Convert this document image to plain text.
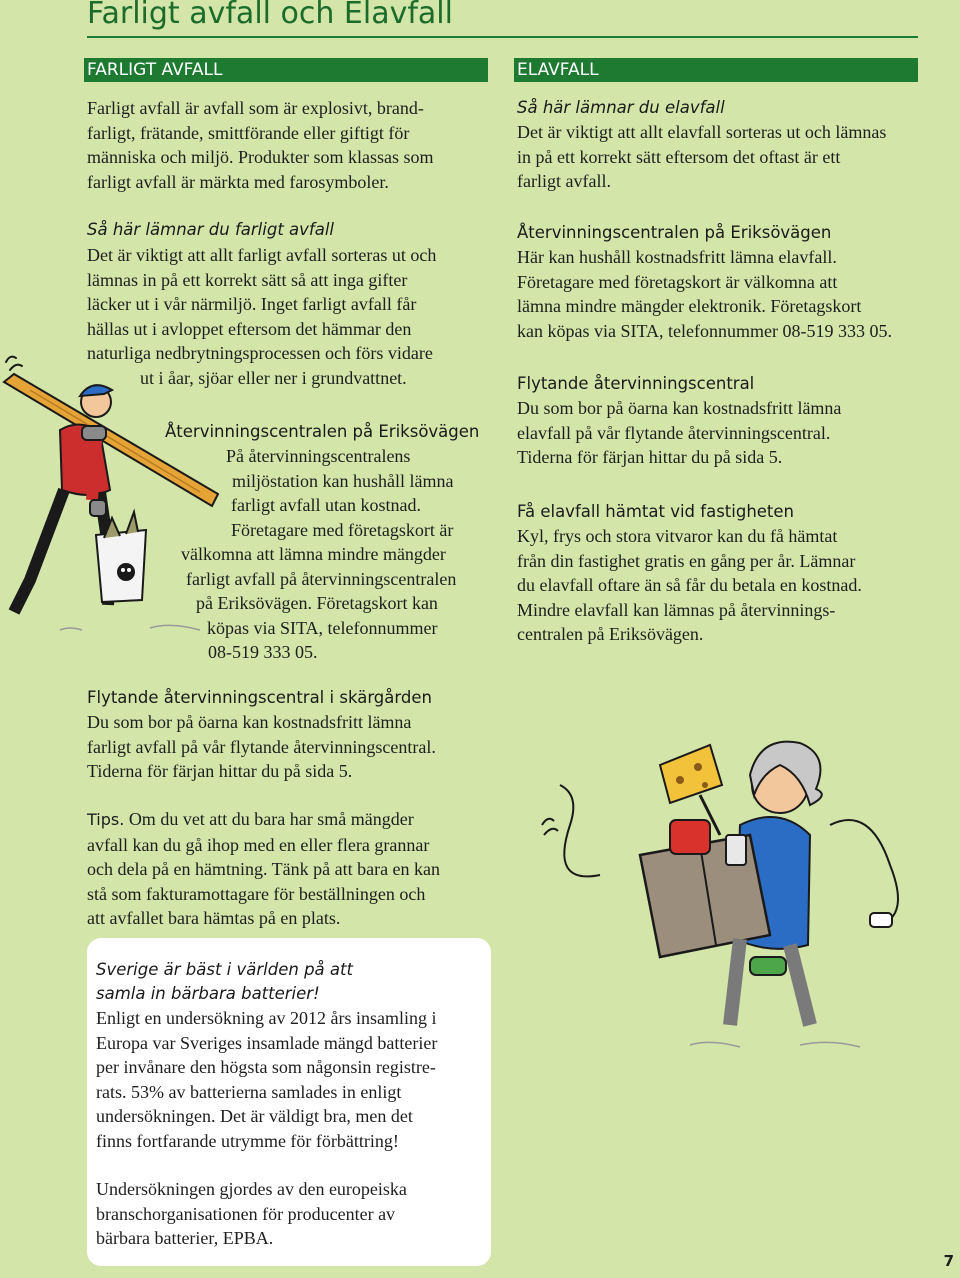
Farligt avfall och Elavfall
FARLIGT AVFALL
Farligt avfall är avfall som är explosivt, brand-
farligt, frätande, smittförande eller giftigt för
människa och miljö. Produkter som klassas som
farligt avfall är märkta med farosymboler.
Så här lämnar du farligt avfall
Det är viktigt att allt farligt avfall sorteras ut och
lämnas in på ett korrekt sätt så att inga gifter
läcker ut i vår närmiljö. Inget farligt avfall får
hällas ut i avloppet eftersom det hämmar den
naturliga nedbrytningsprocessen och förs vidare
ut i åar, sjöar eller ner i grundvattnet.
Återvinningscentralen på Eriksövägen
På återvinningscentralens
miljöstation kan hushåll lämna
farligt avfall utan kostnad.
Företagare med företagskort är
välkomna att lämna mindre mängder
farligt avfall på återvinningscentralen
på Eriksövägen. Företagskort kan
köpas via SITA, telefonnummer
08-519 333 05.
Flytande återvinningscentral i skärgården
Du som bor på öarna kan kostnadsfritt lämna
farligt avfall på vår flytande återvinningscentral.
Tiderna för färjan hittar du på sida 5.
Tips. Om du vet att du bara har små mängder
avfall kan du gå ihop med en eller flera grannar
och dela på en hämtning. Tänk på att bara en kan
stå som fakturamottagare för beställningen och
att avfallet bara hämtas på en plats.
Sverige är bäst i världen på att
samla in bärbara batterier!
Enligt en undersökning av 2012 års insamling i
Europa var Sveriges insamlade mängd batterier
per invånare den högsta som någonsin registre-
rats. 53% av batterierna samlades in enligt
undersökningen. Det är väldigt bra, men det
finns fortfarande utrymme för förbättring!
Undersökningen gjordes av den europeiska
branschorganisationen för producenter av
bärbara batterier, EPBA.
ELAVFALL
Så här lämnar du elavfall
Det är viktigt att allt elavfall sorteras ut och lämnas
in på ett korrekt sätt eftersom det oftast är ett
farligt avfall.
Återvinningscentralen på Eriksövägen
Här kan hushåll kostnadsfritt lämna elavfall.
Företagare med företagskort är välkomna att
lämna mindre mängder elektronik. Företagskort
kan köpas via SITA, telefonnummer 08-519 333 05.
Flytande återvinningscentral
Du som bor på öarna kan kostnadsfritt lämna
elavfall på vår flytande återvinningscentral.
Tiderna för färjan hittar du på sida 5.
Få elavfall hämtat vid fastigheten
Kyl, frys och stora vitvaror kan du få hämtat
från din fastighet gratis en gång per år. Lämnar
du elavfall oftare än så får du betala en kostnad.
Mindre elavfall kan lämnas på återvinnings-
centralen på Eriksövägen.
7
